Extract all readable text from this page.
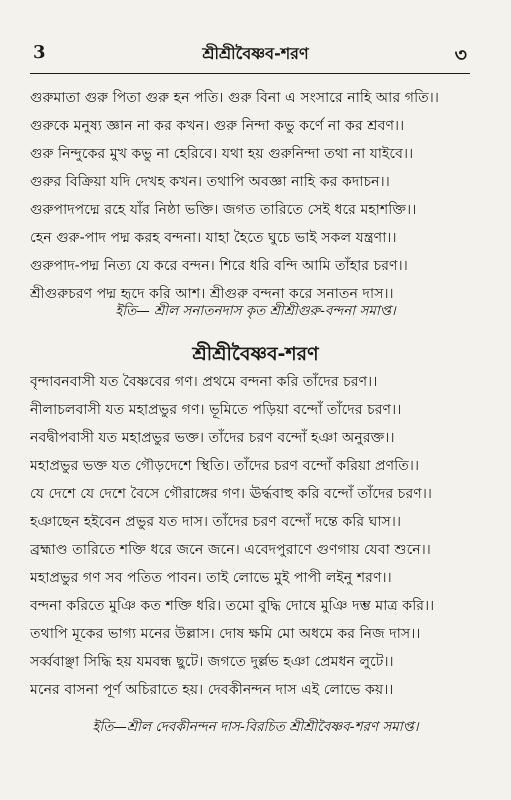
3	শ্রীশ্রীবৈষ্ণব-শরণ	৩
গুরুমাতা গুরু পিতা গুরু হন পতি। গুরু বিনা এ সংসারে নাহি আর গতি।।
গুরুকে মনুষ্য জ্ঞান না কর কখন। গুরু নিন্দা কভু কর্ণে না কর শ্রবণ।।
গুরু নিন্দুকের মুখ কভু না হেরিবে। যথা হয় গুরুনিন্দা তথা না যাইবে।।
গুরুর বিক্রিয়া যদি দেখহ কখন। তথাপি অবজ্ঞা নাহি কর কদাচন।।
গুরুপাদপদ্মে রহে যাঁর নিষ্ঠা ভক্তি। জগত তারিতে সেই ধরে মহাশক্তি।।
হেন গুরু-পাদ পদ্ম করহ বন্দনা। যাহা হৈতে ঘুচে ভাই সকল যন্ত্রণা।।
গুরুপাদ-পদ্ম নিত্য যে করে বন্দন। শিরে ধরি বন্দি আমি তাঁহার চরণ।।
শ্রীগুরুচরণ পদ্ম হৃদে করি আশ। শ্রীগুরু বন্দনা করে সনাতন দাস।।
ইতি— শ্রীল সনাতনদাস কৃত শ্রীশ্রীগুরু-বন্দনা সমাপ্ত।
শ্রীশ্রীবৈষ্ণব-শরণ
বৃন্দাবনবাসী যত বৈষ্ণবের গণ। প্রথমে বন্দনা করি তাঁদের চরণ।।
নীলাচলবাসী যত মহাপ্রভুর গণ। ভূমিতে পড়িয়া বন্দোঁ তাঁদের চরণ।।
নবদ্বীপবাসী যত মহাপ্রভুর ভক্ত। তাঁদের চরণ বন্দোঁ হঞা অনুরক্ত।।
মহাপ্রভুর ভক্ত যত গৌড়দেশে স্থিতি। তাঁদের চরণ বন্দোঁ করিয়া প্রণতি।।
যে দেশে যে দেশে বৈসে গৌরাঙ্গের গণ। ঊর্দ্ধবাহু করি বন্দোঁ তাঁদের চরণ।।
হঞাছেন হইবেন প্রভুর যত দাস। তাঁদের চরণ বন্দোঁ দন্তে করি ঘাস।।
ব্রহ্মাণ্ড তারিতে শক্তি ধরে জনে জনে। এবেদপুরাণে গুণগায় যেবা শুনে।।
মহাপ্রভুর গণ সব পতিত পাবন। তাই লোভে মুই পাপী লইনু শরণ।।
বন্দনা করিতে মুঞি কত শক্তি ধরি। তমো বুদ্ধি দোষে মুঞি দম্ভ মাত্র করি।।
তথাপি মূকের ভাগ্য মনের উল্লাস। দোষ ক্ষমি মো অধমে কর নিজ দাস।।
সর্ব্ববাঞ্ছা সিদ্ধি হয় যমবন্ধ ছুটে। জগতে দুর্ল্লভ হঞা প্রেমধন লুটে।।
মনের বাসনা পূর্ণ অচিরাতে হয়। দেবকীনন্দন দাস এই লোভে কয়।।
ইতি—শ্রীল দেবকীনন্দন দাস-বিরচিত শ্রীশ্রীবৈষ্ণব-শরণ সমাপ্ত।
